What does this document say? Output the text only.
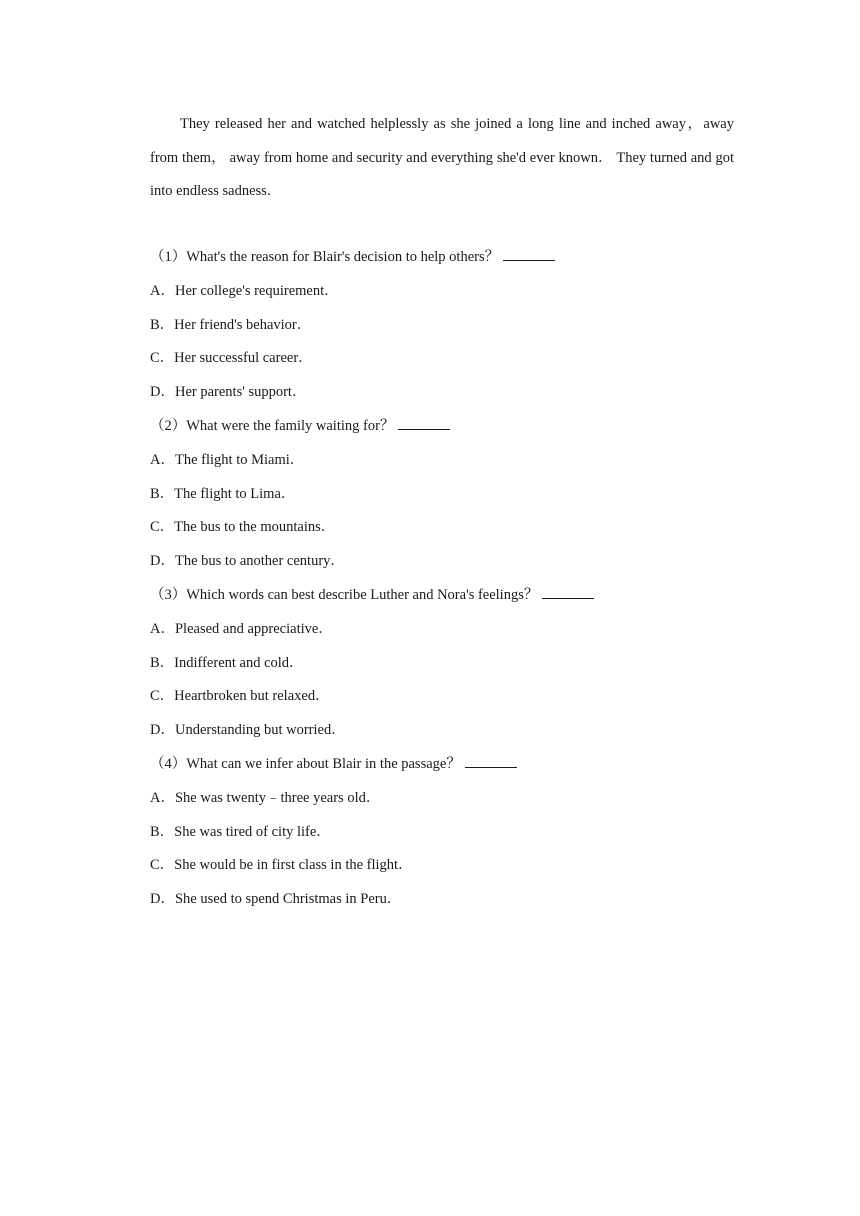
They released her and watched helplessly as she joined a long line and inched away，away from them， away from home and security and everything she'd ever known． They turned and got into endless sadness．

（1）What's the reason for Blair's decision to help others？
A．Her college's requirement．
B．Her friend's behavior．
C．Her successful career．
D．Her parents' support．
（2）What were the family waiting for？
A．The flight to Miami．
B．The flight to Lima．
C．The bus to the mountains．
D．The bus to another century．
（3）Which words can best describe Luther and Nora's feelings？
A．Pleased and appreciative．
B．Indifferent and cold．
C．Heartbroken but relaxed．
D．Understanding but worried．
（4）What can we infer about Blair in the passage？
A．She was twenty﹣three years old．
B．She was tired of city life．
C．She would be in first class in the flight．
D．She used to spend Christmas in Peru．
